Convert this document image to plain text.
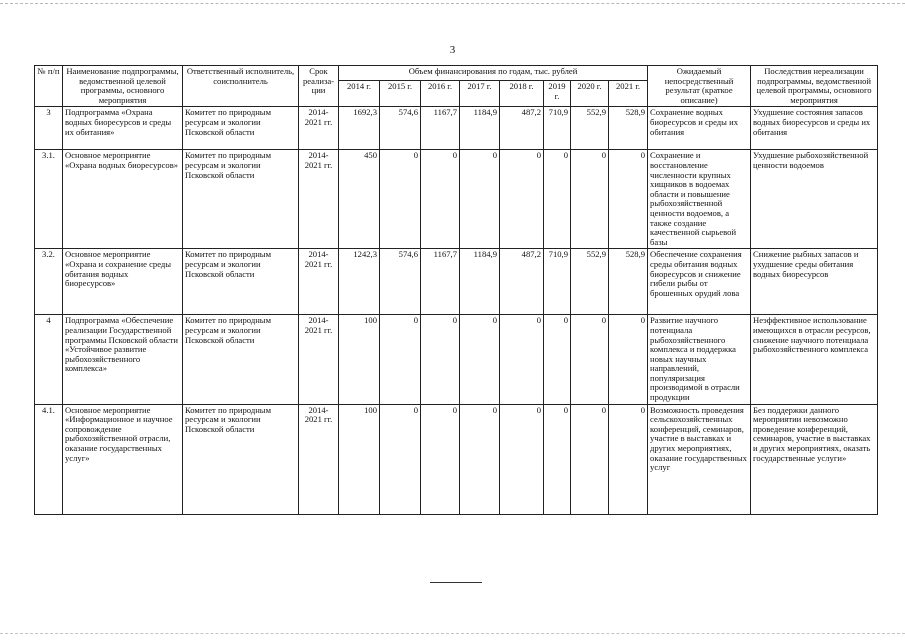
3
№ п/п	Наименование подпрограммы, ведомственной целевой программы, основного мероприятия	Ответственный исполнитель, соисполнитель	Срок реализа-ции	Объем финансирования по годам, тыс. рублей								Ожидаемый непосредственный результат (краткое описание)	Последствия нереализации подпрограммы, ведомственной целевой программы, основного мероприятия
				2014 г.	2015 г.	2016 г.	2017 г.	2018 г.	2019 г.	2020 г.	2021 г.		
3	Подпрограмма «Охрана водных биоресурсов и среды их обитания»	Комитет по природным ресурсам и экологии Псковской области	2014-2021 гг.	1692,3	574,6	1167,7	1184,9	487,2	710,9	552,9	528,9	Сохранение водных биоресурсов и среды их обитания	Ухудшение состояния запасов водных биоресурсов и среды их обитания
3.1.	Основное мероприятие «Охрана водных биоресурсов»	Комитет по природным ресурсам и экологии Псковской области	2014-2021 гг.	450	0	0	0	0	0	0	0	Сохранение и восстановление численности крупных хищников в водоемах области и повышение рыбохозяйственной ценности водоемов, а также создание качественной сырьевой базы	Ухудшение рыбохозяйственной ценности водоемов
3.2.	Основное мероприятие «Охрана и сохранение среды обитания водных биоресурсов»	Комитет по природным ресурсам и экологии Псковской области	2014-2021 гг.	1242,3	574,6	1167,7	1184,9	487,2	710,9	552,9	528,9	Обеспечение сохранения среды обитания водных биоресурсов и снижение гибели рыбы от брошенных орудий лова	Снижение рыбных запасов и ухудшение среды обитания водных биоресурсов
4	Подпрограмма «Обеспечение реализации Государственной программы Псковской области «Устойчивое развитие рыбохозяйственного комплекса»	Комитет по природным ресурсам и экологии Псковской области	2014-2021 гг.	100	0	0	0	0	0	0	0	Развитие научного потенциала рыбохозяйственного комплекса и поддержка новых научных направлений, популяризация производимой в отрасли продукции	Неэффективное использование имеющихся в отрасли ресурсов, снижение научного потенциала рыбохозяйственного комплекса
4.1.	Основное мероприятие «Информационное и научное сопровождение рыбохозяйственной отрасли, оказание государственных услуг»	Комитет по природным ресурсам и экологии Псковской области	2014-2021 гг.	100	0	0	0	0	0	0	0	Возможность проведения сельскохозяйственных конференций, семинаров, участие в выставках и других мероприятиях, оказание государственных услуг	Без поддержки данного мероприятии невозможно проведение конференций, семинаров, участие в выставках и других мероприятиях, оказать государственные услуги»
